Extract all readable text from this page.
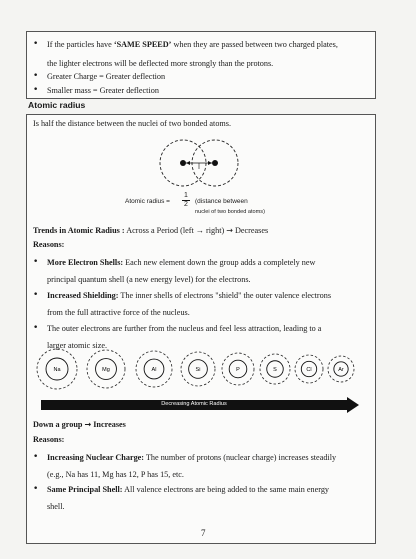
• If the particles have ‘SAME SPEED’ when they are passed between two charged plates,
the lighter electrons will be deflected more strongly than the protons.
• Greater Charge = Greater deflection
• Smaller mass = Greater deflection
Atomic radius
Is half the distance between the nuclei of two bonded atoms.
Atomic radius = $\frac{1}{2}$ (distance between
nuclei of two bonded atoms)
Trends in Atomic Radius : Across a Period (left → right) → Decreases
Reasons:
• More Electron Shells: Each new element down the group adds a completely new
principal quantum shell (a new energy level) for the electrons.
• Increased Shielding: The inner shells of electrons "shield" the outer valence electrons
from the full attractive force of the nucleus.
• The outer electrons are further from the nucleus and feel less attraction, leading to a
larger atomic size.
Na	Mg	Al	Si	P	S	Cl	Ar
Decreasing Atomic Radius
Down a group → Increases
Reasons:
• Increasing Nuclear Charge: The number of protons (nuclear charge) increases steadily
(e.g., Na has 11, Mg has 12, P has 15, etc.
• Same Principal Shell: All valence electrons are being added to the same main energy
shell.
7
